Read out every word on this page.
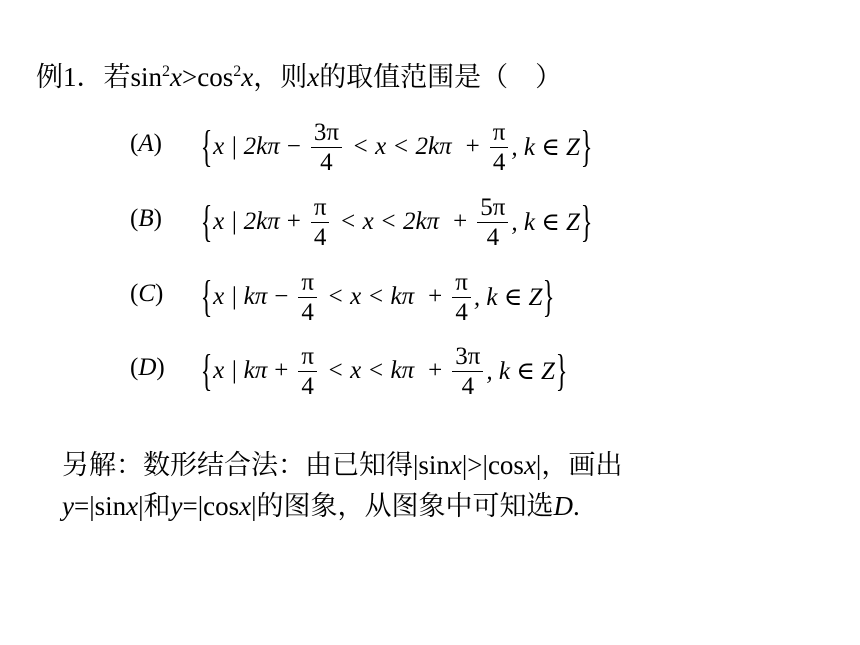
例1．若$\sin^2x>\cos^2x$，则x的取值范围是（　）
(A) { x | $2k\pi - \frac{3\pi}{4} < x < 2k\pi + \frac{\pi}{4}$ , k ∈ Z }
(B) { x | $2k\pi + \frac{\pi}{4} < x < 2k\pi + \frac{5\pi}{4}$ , k ∈ Z }
(C) { x | $k\pi - \frac{\pi}{4} < x < k\pi + \frac{\pi}{4}$ , k ∈ Z }
(D) { x | $k\pi + \frac{\pi}{4} < x < k\pi + \frac{3\pi}{4}$ , k ∈ Z }
另解：数形结合法：由已知得|sinx|>|cosx|，画出
y=|sinx|和y=|cosx|的图象，从图象中可知选D.
